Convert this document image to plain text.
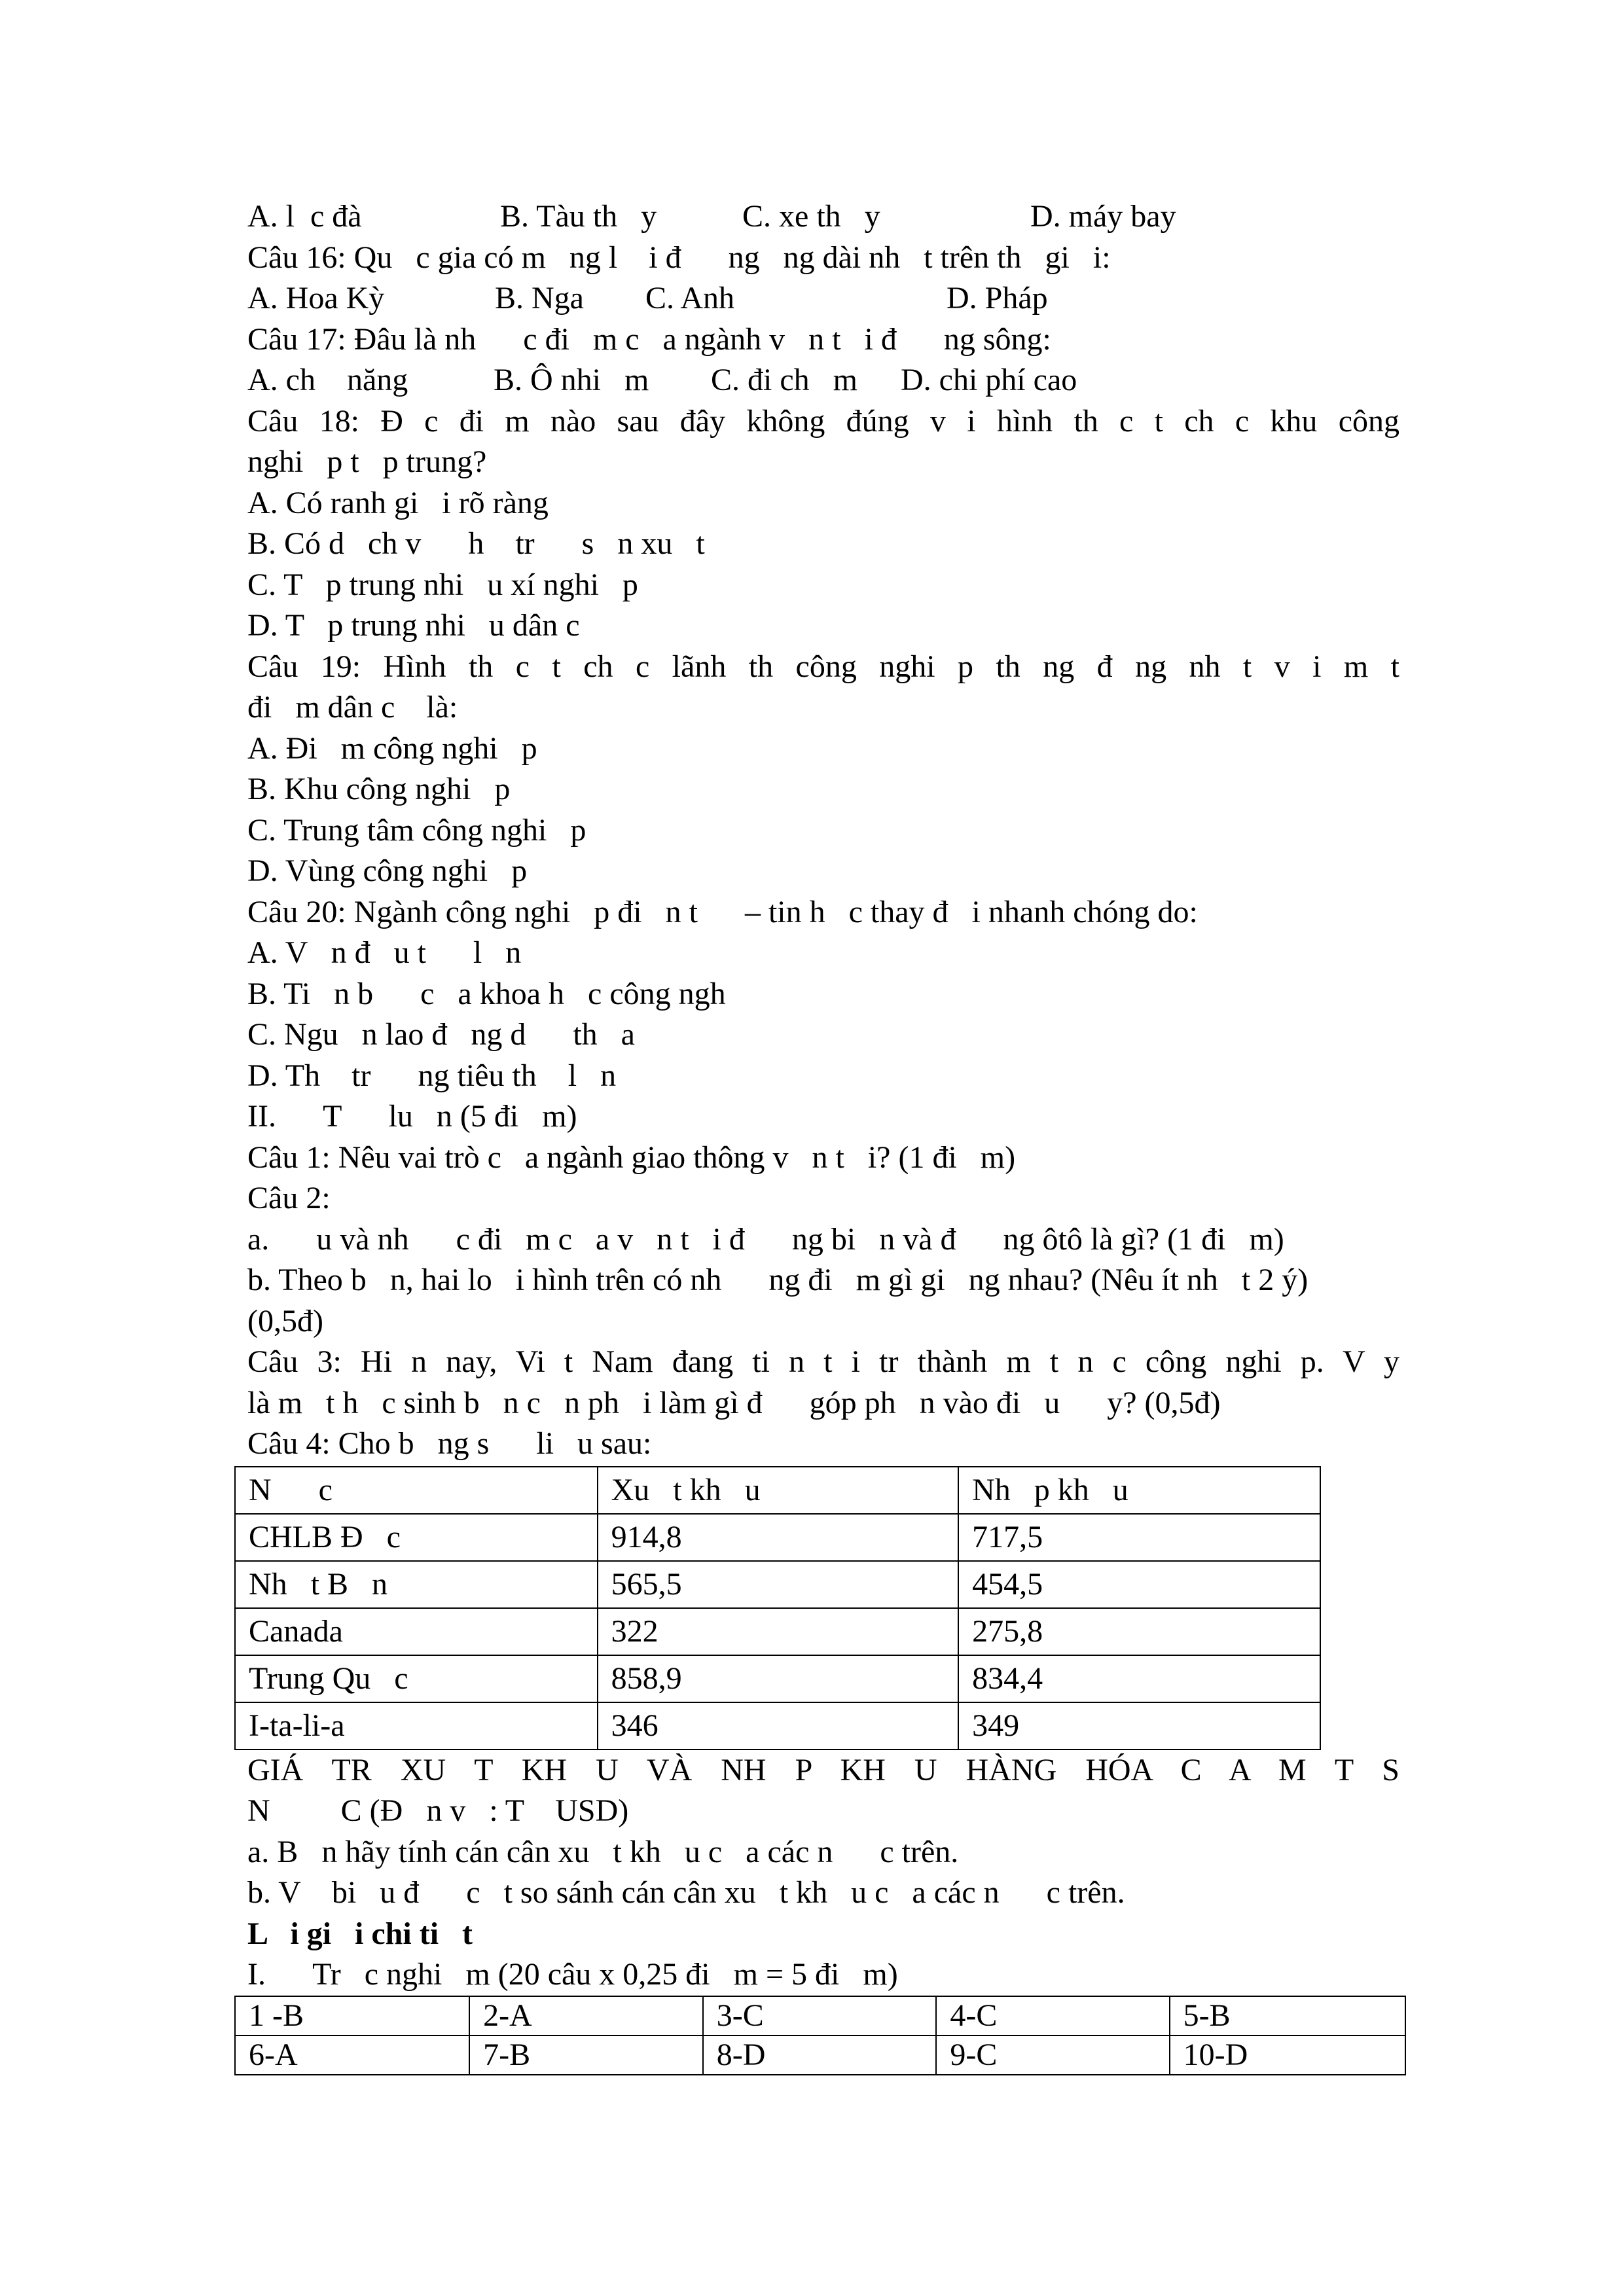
A. l  c đà

	B. Tàu th   y

	C. xe th   y

	D. máy bay

Câu 16: Qu   c gia có m   ng l    i đ      ng   ng dài nh   t trên th   gi   i:

A. Hoa Kỳ

	B. Nga

C. Anh

	D. Pháp

Câu 17: Đâu là nh      c đi   m c   a ngành v   n t   i đ      ng sông:

A. ch    năng

	B. Ô nhi   m

C. đi ch   m

D. chi phí cao

Câu 18: Đ c đi m nào sau đây không đúng v i hình th c t ch c khu công
nghi   p t   p trung?
A. Có ranh gi   i rõ ràng
B. Có d   ch v      h    tr      s   n xu   t
C. T   p trung nhi   u xí nghi   p
D. T   p trung nhi   u dân c
Câu 19: Hình th c t ch c lãnh th công nghi p th ng đ ng nh t v i m t
đi   m dân c    là:
A. Đi   m công nghi   p
B. Khu công nghi   p
C. Trung tâm công nghi   p
D. Vùng công nghi   p
Câu 20: Ngành công nghi   p đi   n t      – tin h   c thay đ   i nhanh chóng do:
A. V   n đ   u t      l   n
B. Ti   n b      c   a khoa h   c công ngh
C. Ngu   n lao đ   ng d      th   a
D. Th    tr      ng tiêu th    l   n
II.      T      lu   n (5 đi   m)
Câu 1: Nêu vai trò c   a ngành giao thông v   n t   i? (1 đi   m)
Câu 2:
a.      u và nh      c đi   m c   a v   n t   i đ      ng bi   n và đ      ng ôtô là gì? (1 đi   m)
b. Theo b   n, hai lo   i hình trên có nh      ng đi   m gì gi   ng nhau? (Nêu ít nh   t 2 ý)
(0,5đ)
Câu 3: Hi n nay, Vi t Nam đang ti n t i tr thành m t n c công nghi p. V y
là m   t h   c sinh b   n c   n ph   i làm gì đ      góp ph   n vào đi   u      y? (0,5đ)
Câu 4: Cho b   ng s      li   u sau:
N      c	Xu   t kh   u	Nh   p kh   u
CHLB Đ   c	914,8	717,5
Nh   t B   n	565,5	454,5
Canada	322	275,8
Trung Qu   c	858,9	834,4
I-ta-li-a	346	349
GIÁ TR XU T KH U VÀ NH P KH U HÀNG HÓA C A M T S
N         C (Đ   n v   : T    USD)
a. B   n hãy tính cán cân xu   t kh   u c   a các n      c trên.
b. V    bi   u đ      c   t so sánh cán cân xu   t kh   u c   a các n      c trên.
L   i gi   i chi ti   t
I.      Tr   c nghi   m (20 câu x 0,25 đi   m = 5 đi   m)
1 -B	2-A	3-C	4-C	5-B
6-A	7-B	8-D	9-C	10-D
